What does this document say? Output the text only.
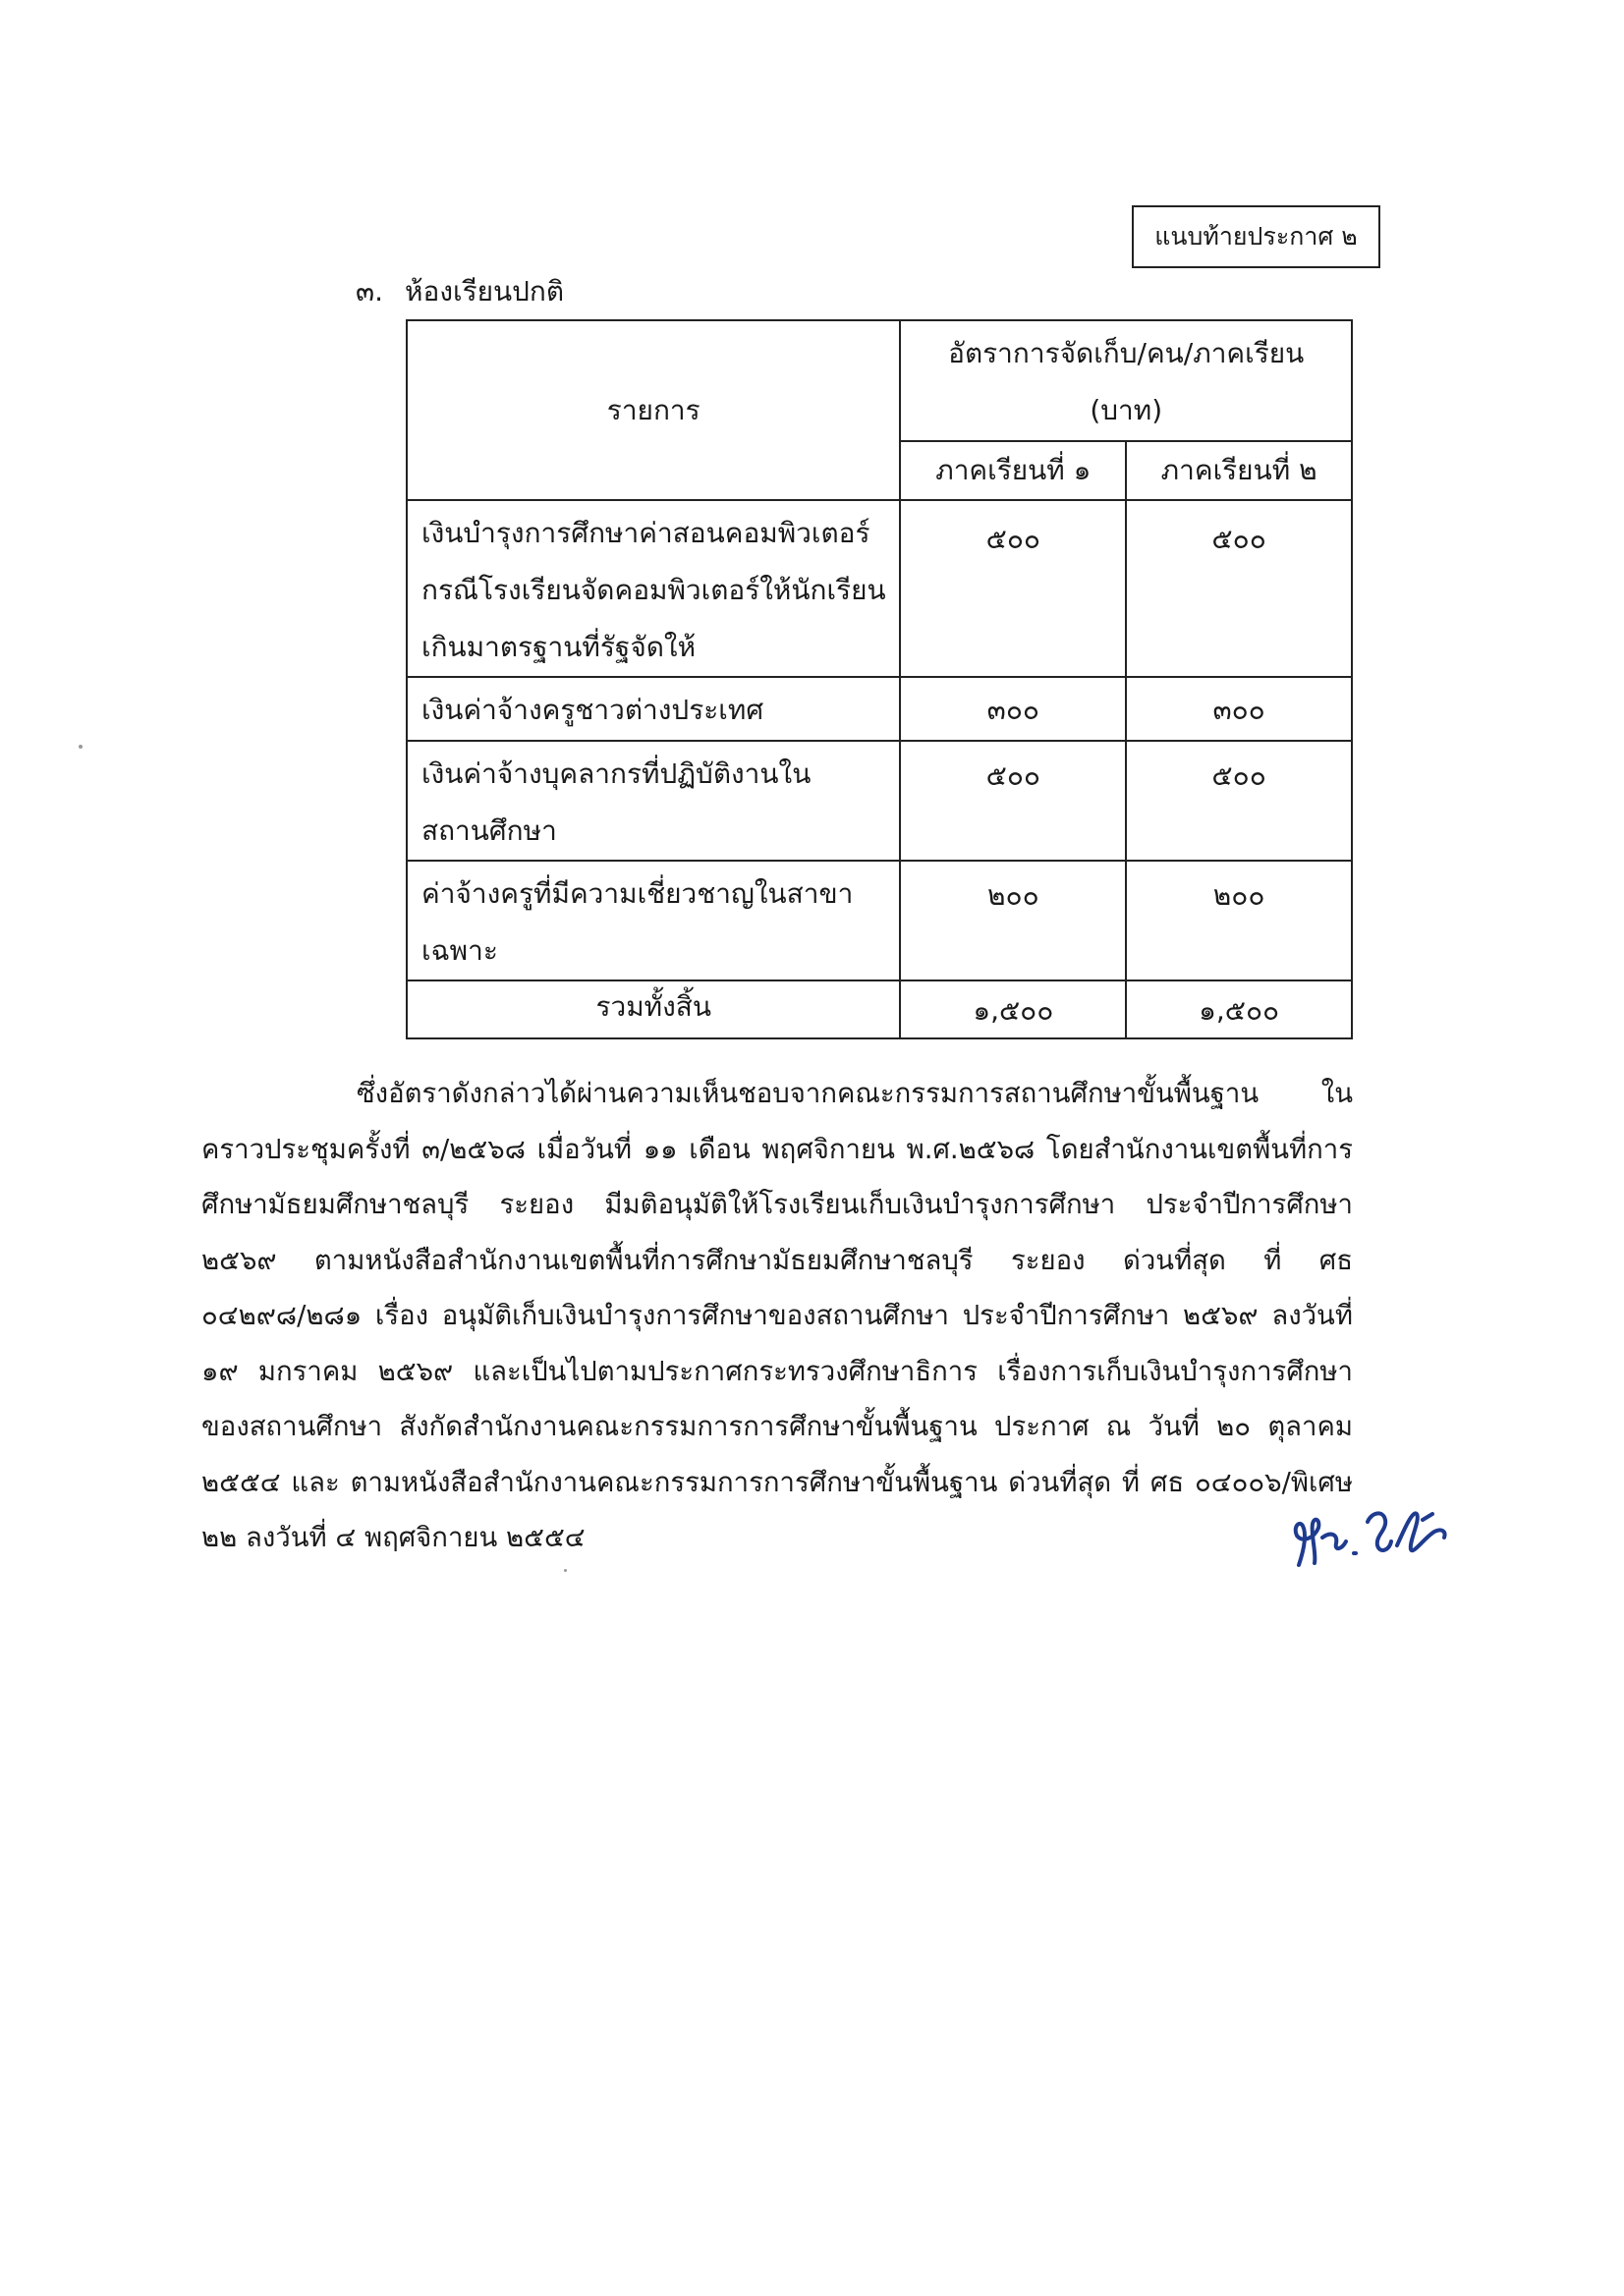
แนบท้ายประกาศ ๒
๓. ห้องเรียนปกติ
รายการ	อัตราการจัดเก็บ/คน/ภาคเรียน
(บาท)	

	ภาคเรียนที่ ๑	ภาคเรียนที่ ๒

เงินบำรุงการศึกษาค่าสอนคอมพิวเตอร์
กรณีโรงเรียนจัดคอมพิวเตอร์ให้นักเรียน
เกินมาตรฐานที่รัฐจัดให้	๕๐๐	๕๐๐

เงินค่าจ้างครูชาวต่างประเทศ	๓๐๐	๓๐๐

เงินค่าจ้างบุคลากรที่ปฏิบัติงานใน
สถานศึกษา	๕๐๐	๕๐๐

ค่าจ้างครูที่มีความเชี่ยวชาญในสาขา
เฉพาะ	๒๐๐	๒๐๐
รวมทั้งสิ้น	๑,๕๐๐	๑,๕๐๐

ซึ่งอัตราดังกล่าวได้ผ่านความเห็นชอบจากคณะกรรมการสถานศึกษาขั้นพื้นฐาน ในคราวประชุมครั้งที่ ๓/๒๕๖๘ เมื่อวันที่ ๑๑ เดือน พฤศจิกายน พ.ศ.๒๕๖๘ โดยสำนักงานเขตพื้นที่การศึกษามัธยมศึกษาชลบุรี ระยอง มีมติอนุมัติให้โรงเรียนเก็บเงินบำรุงการศึกษา ประจำปีการศึกษา ๒๕๖๙ ตามหนังสือสำนักงานเขตพื้นที่การศึกษามัธยมศึกษาชลบุรี ระยอง ด่วนที่สุด ที่ ศธ ๐๔๒๙๘/๒๘๑ เรื่อง อนุมัติเก็บเงินบำรุงการศึกษาของสถานศึกษา ประจำปีการศึกษา ๒๕๖๙ ลงวันที่ ๑๙ มกราคม ๒๕๖๙ และเป็นไปตามประกาศกระทรวงศึกษาธิการ เรื่องการเก็บเงินบำรุงการศึกษาของสถานศึกษา สังกัดสำนักงานคณะกรรมการการศึกษาขั้นพื้นฐาน ประกาศ ณ วันที่ ๒๐ ตุลาคม ๒๕๕๔ และ ตามหนังสือสำนักงานคณะกรรมการการศึกษาขั้นพื้นฐาน ด่วนที่สุด ที่ ศธ ๐๔๐๐๖/พิเศษ ๒๒ ลงวันที่ ๔ พฤศจิกายน ๒๕๕๔
